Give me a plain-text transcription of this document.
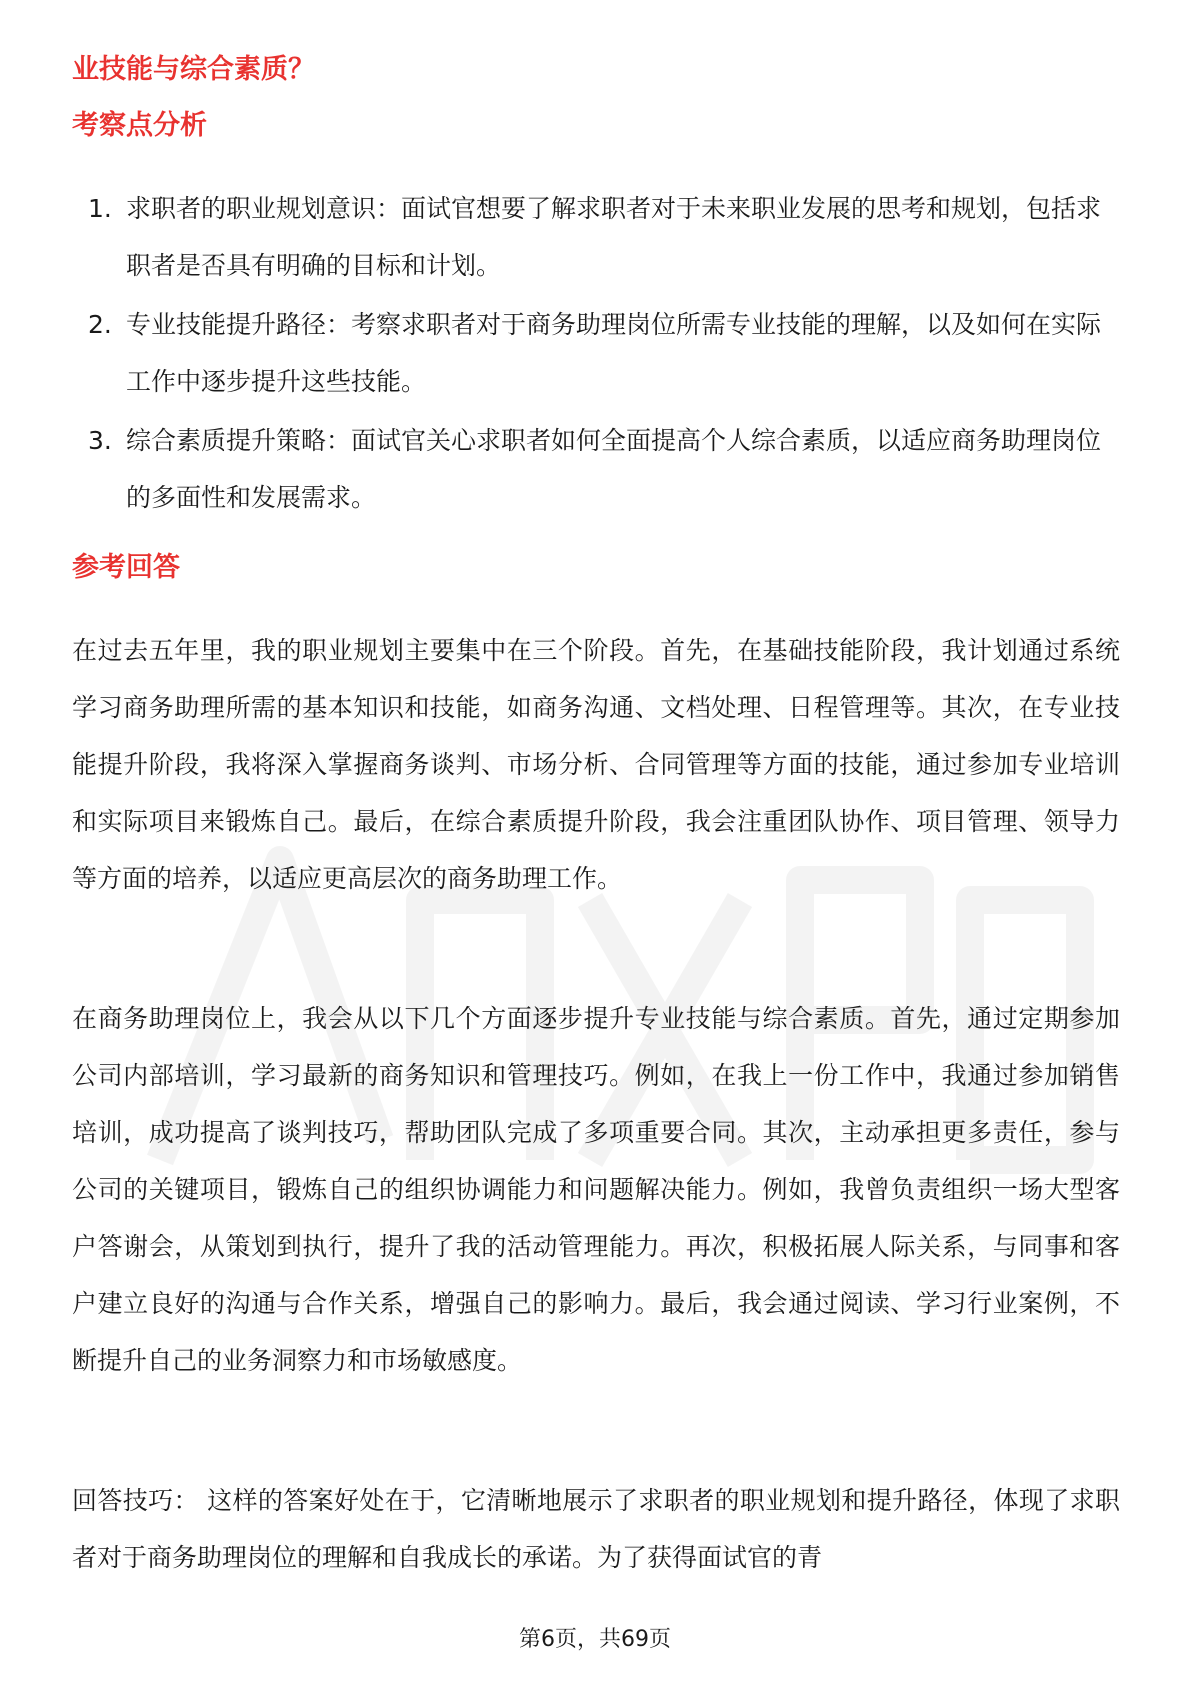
业技能与综合素质？
考察点分析
1. 求职者的职业规划意识：面试官想要了解求职者对于未来职业发展的思考和规划，包括求职者是否具有明确的目标和计划。
2. 专业技能提升路径：考察求职者对于商务助理岗位所需专业技能的理解，以及如何在实际工作中逐步提升这些技能。
3. 综合素质提升策略：面试官关心求职者如何全面提高个人综合素质，以适应商务助理岗位的多面性和发展需求。
参考回答

在过去五年里，我的职业规划主要集中在三个阶段。首先，在基础技能阶段，我计划通过系统学习商务助理所需的基本知识和技能，如商务沟通、文档处理、日程管理等。其次，在专业技能提升阶段，我将深入掌握商务谈判、市场分析、合同管理等方面的技能，通过参加专业培训和实际项目来锻炼自己。最后，在综合素质提升阶段，我会注重团队协作、项目管理、领导力等方面的培养，以适应更高层次的商务助理工作。

在商务助理岗位上，我会从以下几个方面逐步提升专业技能与综合素质。首先，通过定期参加公司内部培训，学习最新的商务知识和管理技巧。例如，在我上一份工作中，我通过参加销售培训，成功提高了谈判技巧，帮助团队完成了多项重要合同。其次，主动承担更多责任，参与公司的关键项目，锻炼自己的组织协调能力和问题解决能力。例如，我曾负责组织一场大型客户答谢会，从策划到执行，提升了我的活动管理能力。再次，积极拓展人际关系，与同事和客户建立良好的沟通与合作关系，增强自己的影响力。最后，我会通过阅读、学习行业案例，不断提升自己的业务洞察力和市场敏感度。

回答技巧： 这样的答案好处在于，它清晰地展示了求职者的职业规划和提升路径，体现了求职者对于商务助理岗位的理解和自我成长的承诺。为了获得面试官的青

第6页，共69页
